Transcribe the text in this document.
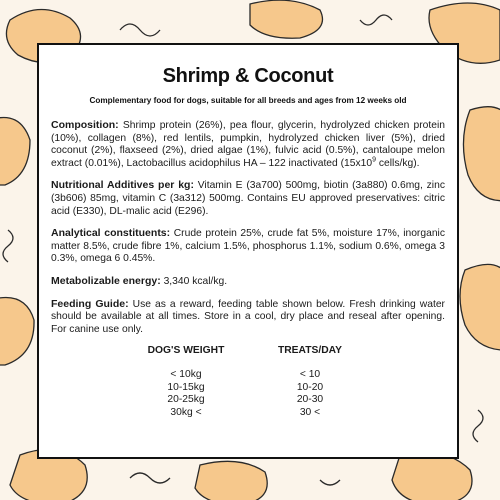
Shrimp & Coconut
Complementary food for dogs, suitable for all breeds and ages from 12 weeks old

Composition: Shrimp protein (26%), pea flour, glycerin, hydrolyzed chicken protein (10%), collagen (8%), red lentils, pumpkin, hydrolyzed chicken liver (5%), dried coconut (2%), flaxseed (2%), dried algae (1%), fulvic acid (0.5%), cantaloupe melon extract (0.01%), Lactobacillus acidophilus HA – 122 inactivated ($15x10^9$ cells/kg).

Nutritional Additives per kg: Vitamin E (3a700) 500mg, biotin (3a880) 0.6mg, zinc (3b606) 85mg, vitamin C (3a312) 500mg. Contains EU approved preservatives: citric acid (E330), DL-malic acid (E296).

Analytical constituents: Crude protein 25%, crude fat 5%, moisture 17%, inorganic matter 8.5%, crude fibre 1%, calcium 1.5%, phosphorus 1.1%, sodium 0.6%, omega 3 0.3%, omega 6 0.45%.

Metabolizable energy: 3,340 kcal/kg.

Feeding Guide: Use as a reward, feeding table shown below. Fresh drinking water should be available at all times. Store in a cool, dry place and reseal after opening. For canine use only.

DOG'S WEIGHT
< 10kg
10-15kg
20-25kg
30kg <
TREATS/DAY
< 10
10-20
20-30
30 <
